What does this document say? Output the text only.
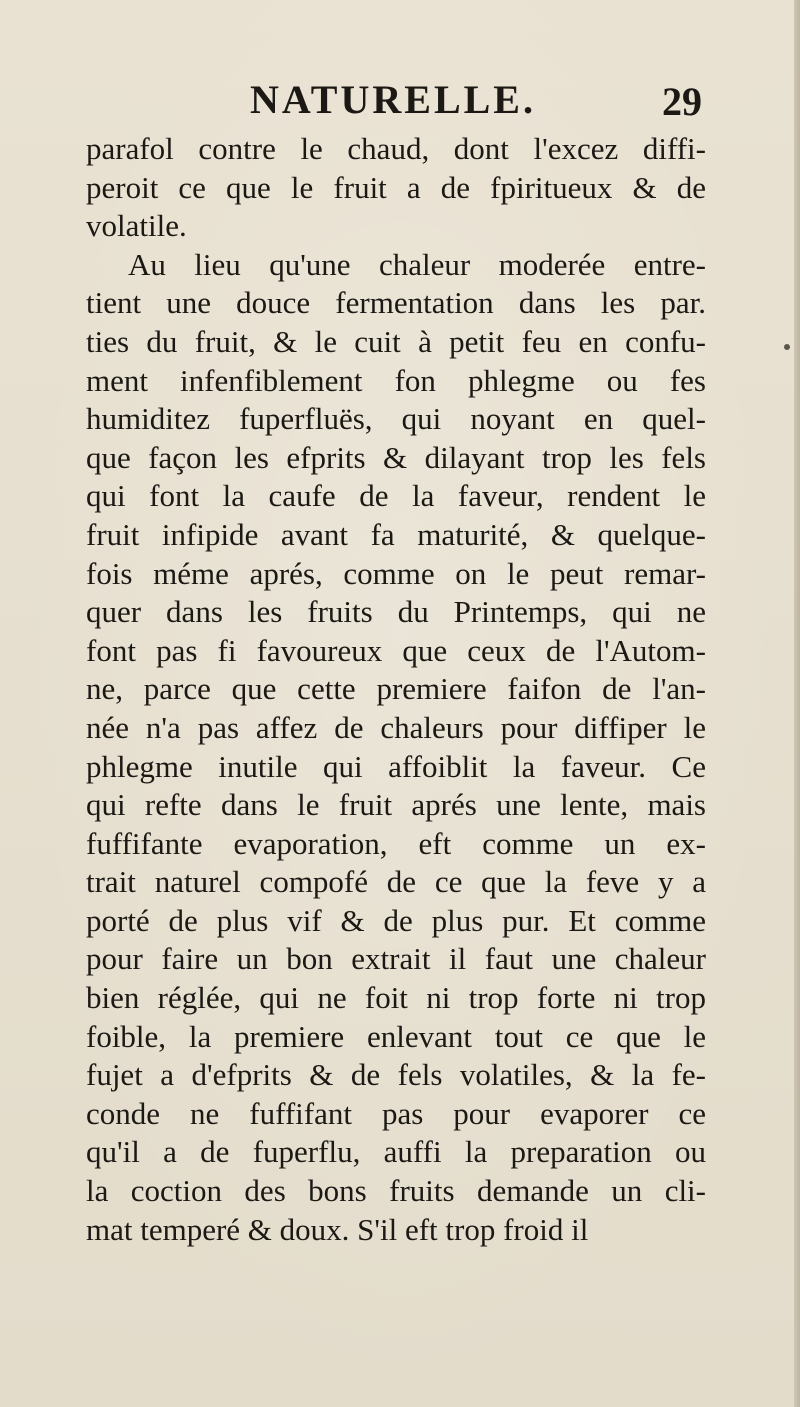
NATURELLE.	29
parafol contre le chaud, dont l'excez diffi-
peroit ce que le fruit a de fpiritueux & de
volatile.
Au lieu qu'une chaleur moderée entre-
tient une douce fermentation dans les par.
ties du fruit, & le cuit à petit feu en confu-
ment infenfiblement fon phlegme ou fes
humiditez fuperfluës, qui noyant en quel-
que façon les efprits & dilayant trop les fels
qui font la caufe de la faveur, rendent le
fruit infipide avant fa maturité, & quelque-
fois méme aprés, comme on le peut remar-
quer dans les fruits du Printemps, qui ne
font pas fi favoureux que ceux de l'Autom-
ne, parce que cette premiere faifon de l'an-
née n'a pas affez de chaleurs pour diffiper le
phlegme inutile qui affoiblit la faveur. Ce
qui refte dans le fruit aprés une lente, mais
fuffifante evaporation, eft comme un ex-
trait naturel compofé de ce que la feve y a
porté de plus vif & de plus pur. Et comme
pour faire un bon extrait il faut une chaleur
bien réglée, qui ne foit ni trop forte ni trop
foible, la premiere enlevant tout ce que le
fujet a d'efprits & de fels volatiles, & la fe-
conde ne fuffifant pas pour evaporer ce
qu'il a de fuperflu, auffi la preparation ou
la coction des bons fruits demande un cli-
mat temperé & doux. S'il eft trop froid il
